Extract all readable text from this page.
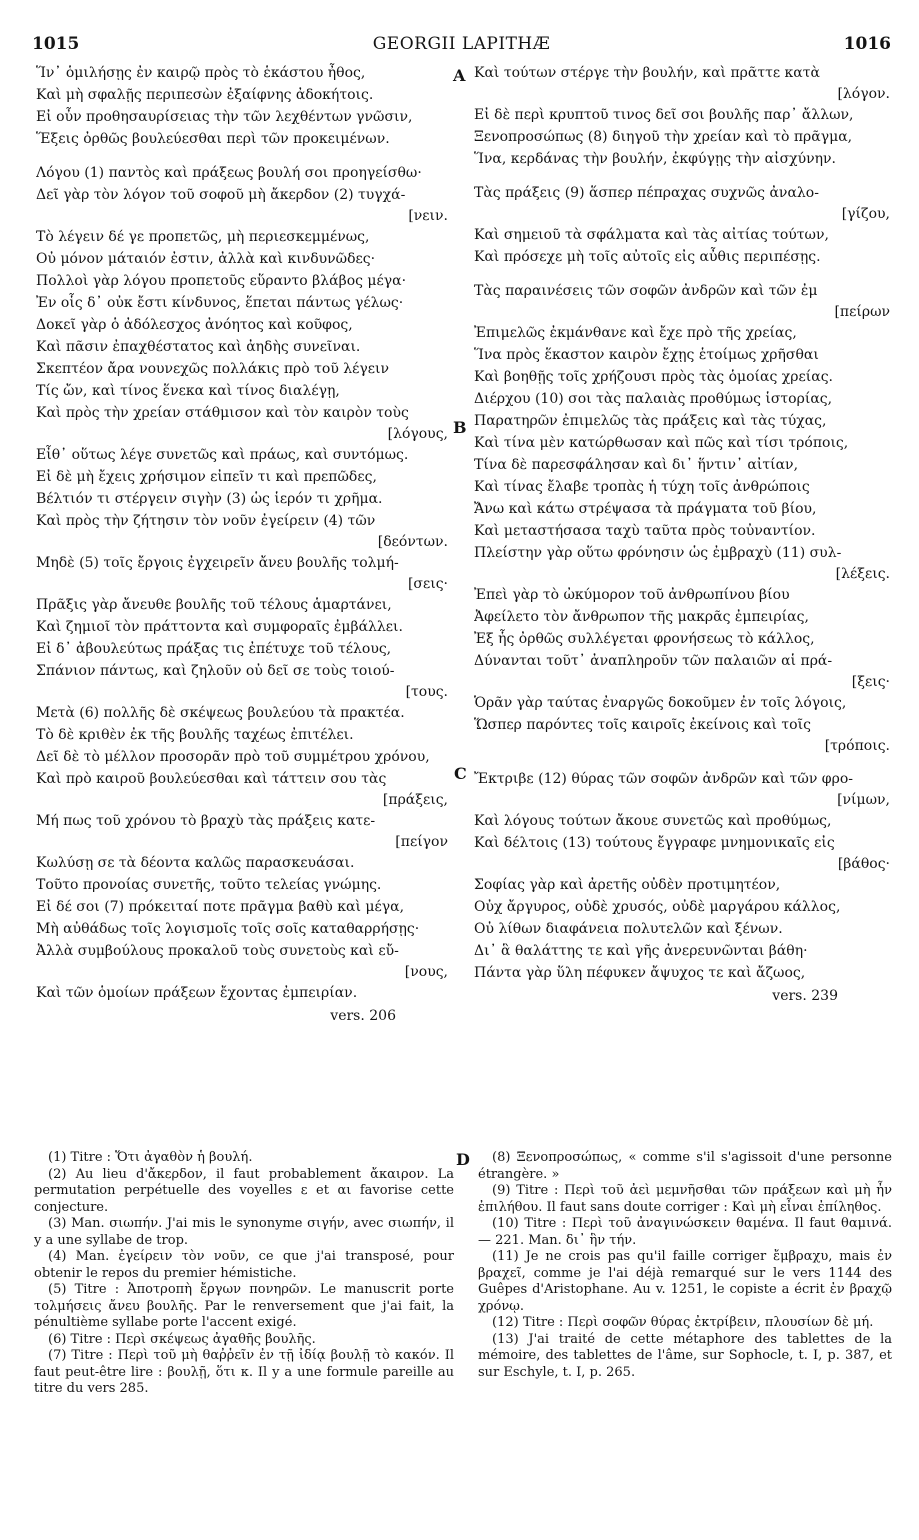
1015	GEORGII LAPITHÆ	1016
A
B
C
D
Ἵν᾿ ὁμιλήσῃς ἐν καιρῷ πρὸς τὸ ἑκάστου ἦθος,
Καὶ μὴ σφαλῇς περιπεσὼν ἐξαίφνης ἀδοκήτοις.
Εἰ οὖν προθησαυρίσειας τὴν τῶν λεχθέντων γνῶσιν,
Ἕξεις ὀρθῶς βουλεύεσθαι περὶ τῶν προκειμένων.
Λόγου (1) παντὸς καὶ πράξεως βουλή σοι προηγείσθω·
Δεῖ γὰρ τὸν λόγον τοῦ σοφοῦ μὴ ἄκερδον (2) τυγχά-
[νειν.
Τὸ λέγειν δέ γε προπετῶς, μὴ περιεσκεμμένως,
Οὐ μόνον μάταιόν ἐστιν, ἀλλὰ καὶ κινδυνῶδες·
Πολλοὶ γὰρ λόγου προπετοῦς εὕραντο βλάβος μέγα·
Ἐν οἷς δ᾿ οὐκ ἔστι κίνδυνος, ἕπεται πάντως γέλως·
Δοκεῖ γὰρ ὁ ἀδόλεσχος ἀνόητος καὶ κοῦφος,
Καὶ πᾶσιν ἐπαχθέστατος καὶ ἀηδὴς συνεῖναι.
Σκεπτέον ἄρα νουνεχῶς πολλάκις πρὸ τοῦ λέγειν
Τίς ὤν, καὶ τίνος ἕνεκα καὶ τίνος διαλέγῃ,
Καὶ πρὸς τὴν χρείαν στάθμισον καὶ τὸν καιρὸν τοὺς
[λόγους,
Εἶθ᾿ οὕτως λέγε συνετῶς καὶ πράως, καὶ συντόμως.
Εἰ δὲ μὴ ἔχεις χρήσιμον εἰπεῖν τι καὶ πρεπῶδες,
Βέλτιόν τι στέργειν σιγὴν (3) ὡς ἱερόν τι χρῆμα.
Καὶ πρὸς τὴν ζήτησιν τὸν νοῦν ἐγείρειν (4) τῶν
[δεόντων.
Μηδὲ (5) τοῖς ἔργοις ἐγχειρεῖν ἄνευ βουλῆς τολμή-
[σεις·
Πρᾶξις γὰρ ἄνευθε βουλῆς τοῦ τέλους ἁμαρτάνει,
Καὶ ζημιοῖ τὸν πράττοντα καὶ συμφοραῖς ἐμβάλλει.
Εἰ δ᾿ ἀβουλεύτως πράξας τις ἐπέτυχε τοῦ τέλους,
Σπάνιον πάντως, καὶ ζηλοῦν οὐ δεῖ σε τοὺς τοιού-
[τους.
Μετὰ (6) πολλῆς δὲ σκέψεως βουλεύου τὰ πρακτέα.
Τὸ δὲ κριθὲν ἐκ τῆς βουλῆς ταχέως ἐπιτέλει.
Δεῖ δὲ τὸ μέλλον προσορᾶν πρὸ τοῦ συμμέτρου χρόνου,
Καὶ πρὸ καιροῦ βουλεύεσθαι καὶ τάττειν σου τὰς
[πράξεις,
Μή πως τοῦ χρόνου τὸ βραχὺ τὰς πράξεις κατε-
[πείγον
Κωλύσῃ σε τὰ δέοντα καλῶς παρασκευάσαι.
Τοῦτο προνοίας συνετῆς, τοῦτο τελείας γνώμης.
Εἰ δέ σοι (7) πρόκειταί ποτε πρᾶγμα βαθὺ καὶ μέγα,
Μὴ αὐθάδως τοῖς λογισμοῖς τοῖς σοῖς καταθαρρήσῃς·
Ἀλλὰ συμβούλους προκαλοῦ τοὺς συνετοὺς καὶ εὔ-
[νους,
Καὶ τῶν ὁμοίων πράξεων ἔχοντας ἐμπειρίαν.
vers. 206
Καὶ τούτων στέργε τὴν βουλήν, καὶ πρᾶττε κατὰ
[λόγον.
Εἰ δὲ περὶ κρυπτοῦ τινος δεῖ σοι βουλῆς παρ᾿ ἄλλων,
Ξενοπροσώπως (8) διηγοῦ τὴν χρείαν καὶ τὸ πρᾶγμα,
Ἵνα, κερδάνας τὴν βουλήν, ἐκφύγῃς τὴν αἰσχύνην.
Τὰς πράξεις (9) ἅσπερ πέπραχας συχνῶς ἀναλο-
[γίζου,
Καὶ σημειοῦ τὰ σφάλματα καὶ τὰς αἰτίας τούτων,
Καὶ πρόσεχε μὴ τοῖς αὐτοῖς εἰς αὖθις περιπέσῃς.
Τὰς παραινέσεις τῶν σοφῶν ἀνδρῶν καὶ τῶν ἐμ
[πείρων
Ἐπιμελῶς ἐκμάνθανε καὶ ἔχε πρὸ τῆς χρείας,
Ἵνα πρὸς ἕκαστον καιρὸν ἔχῃς ἑτοίμως χρῆσθαι
Καὶ βοηθῇς τοῖς χρήζουσι πρὸς τὰς ὁμοίας χρείας.
Διέρχου (10) σοι τὰς παλαιὰς προθύμως ἱστορίας,
Παρατηρῶν ἐπιμελῶς τὰς πράξεις καὶ τὰς τύχας,
Καὶ τίνα μὲν κατώρθωσαν καὶ πῶς καὶ τίσι τρόποις,
Τίνα δὲ παρεσφάλησαν καὶ δι᾿ ἥντιν᾿ αἰτίαν,
Καὶ τίνας ἔλαβε τροπὰς ἡ τύχη τοῖς ἀνθρώποις
Ἄνω καὶ κάτω στρέψασα τὰ πράγματα τοῦ βίου,
Καὶ μεταστήσασα ταχὺ ταῦτα πρὸς τοὐναντίον.
Πλείστην γὰρ οὕτω φρόνησιν ὡς ἐμβραχὺ (11) συλ-
[λέξεις.
Ἐπεὶ γὰρ τὸ ὠκύμορον τοῦ ἀνθρωπίνου βίου
Ἀφείλετο τὸν ἄνθρωπον τῆς μακρᾶς ἐμπειρίας,
Ἐξ ἧς ὀρθῶς συλλέγεται φρονήσεως τὸ κάλλος,
Δύνανται τοῦτ᾿ ἀναπληροῦν τῶν παλαιῶν αἱ πρά-
[ξεις·
Ὁρᾶν γὰρ ταύτας ἐναργῶς δοκοῦμεν ἐν τοῖς λόγοις,
Ὥσπερ παρόντες τοῖς καιροῖς ἐκείνοις καὶ τοῖς
[τρόποις.
Ἔκτριβε (12) θύρας τῶν σοφῶν ἀνδρῶν καὶ τῶν φρο-
[νίμων,
Καὶ λόγους τούτων ἄκουε συνετῶς καὶ προθύμως,
Καὶ δέλτοις (13) τούτους ἔγγραφε μνημονικαῖς εἰς
[βάθος·
Σοφίας γὰρ καὶ ἀρετῆς οὐδὲν προτιμητέον,
Οὐχ ἄργυρος, οὐδὲ χρυσός, οὐδὲ μαργάρου κάλλος,
Οὐ λίθων διαφάνεια πολυτελῶν καὶ ξένων.
Δι᾿ ἃ θαλάττης τε καὶ γῆς ἀνερευνῶνται βάθη·
Πάντα γὰρ ὕλη πέφυκεν ἄψυχος τε καὶ ἄζωος,
vers. 239

(1) Titre : Ὅτι ἀγαθὸν ἡ βουλή.

(2) Au lieu d'ἄκερδον, il faut probablement ἄκαιρον. La permutation perpétuelle des voyelles ε et αι favorise cette conjecture.

(3) Man. σιωπήν. J'ai mis le synonyme σιγήν, avec σιωπήν, il y a une syllabe de trop.

(4) Man. ἐγείρειν τὸν νοῦν, ce que j'ai transposé, pour obtenir le repos du premier hémistiche.

(5) Titre : Ἀποτροπὴ ἔργων πονηρῶν. Le manuscrit porte τολμήσεις ἄνευ βουλῆς. Par le renversement que j'ai fait, la pénultième syllabe porte l'accent exigé.

(6) Titre : Περὶ σκέψεως ἀγαθῆς βουλῆς.

(7) Titre : Περὶ τοῦ μὴ θαῤῥεῖν ἐν τῇ ἰδίᾳ βουλῇ τὸ κακόν. Il faut peut-être lire : βουλῇ, ὅτι κ. Il y a une formule pareille au titre du vers 285.

(8) Ξενοπροσώπως, « comme s'il s'agissoit d'une personne étrangère. »

(9) Titre : Περὶ τοῦ ἀεὶ μεμνῆσθαι τῶν πράξεων καὶ μὴ ἦν ἐπιλήθου. Il faut sans doute corriger : Καὶ μὴ εἶναι ἐπίληθος.

(10) Titre : Περὶ τοῦ ἀναγινώσκειν θαμένα. Il faut θαμινά. — 221. Man. δι᾿ ἣν τήν.

(11) Je ne crois pas qu'il faille corriger ἔμβραχυ, mais ἐν βραχεῖ, comme je l'ai déjà remarqué sur le vers 1144 des Guêpes d'Aristophane. Au v. 1251, le copiste a écrit ἐν βραχῷ χρόνῳ.

(12) Titre : Περὶ σοφῶν θύρας ἐκτρίβειν, πλουσίων δὲ μή.

(13) J'ai traité de cette métaphore des tablettes de la mémoire, des tablettes de l'âme, sur Sophocle, t. I, p. 387, et sur Eschyle, t. I, p. 265.
